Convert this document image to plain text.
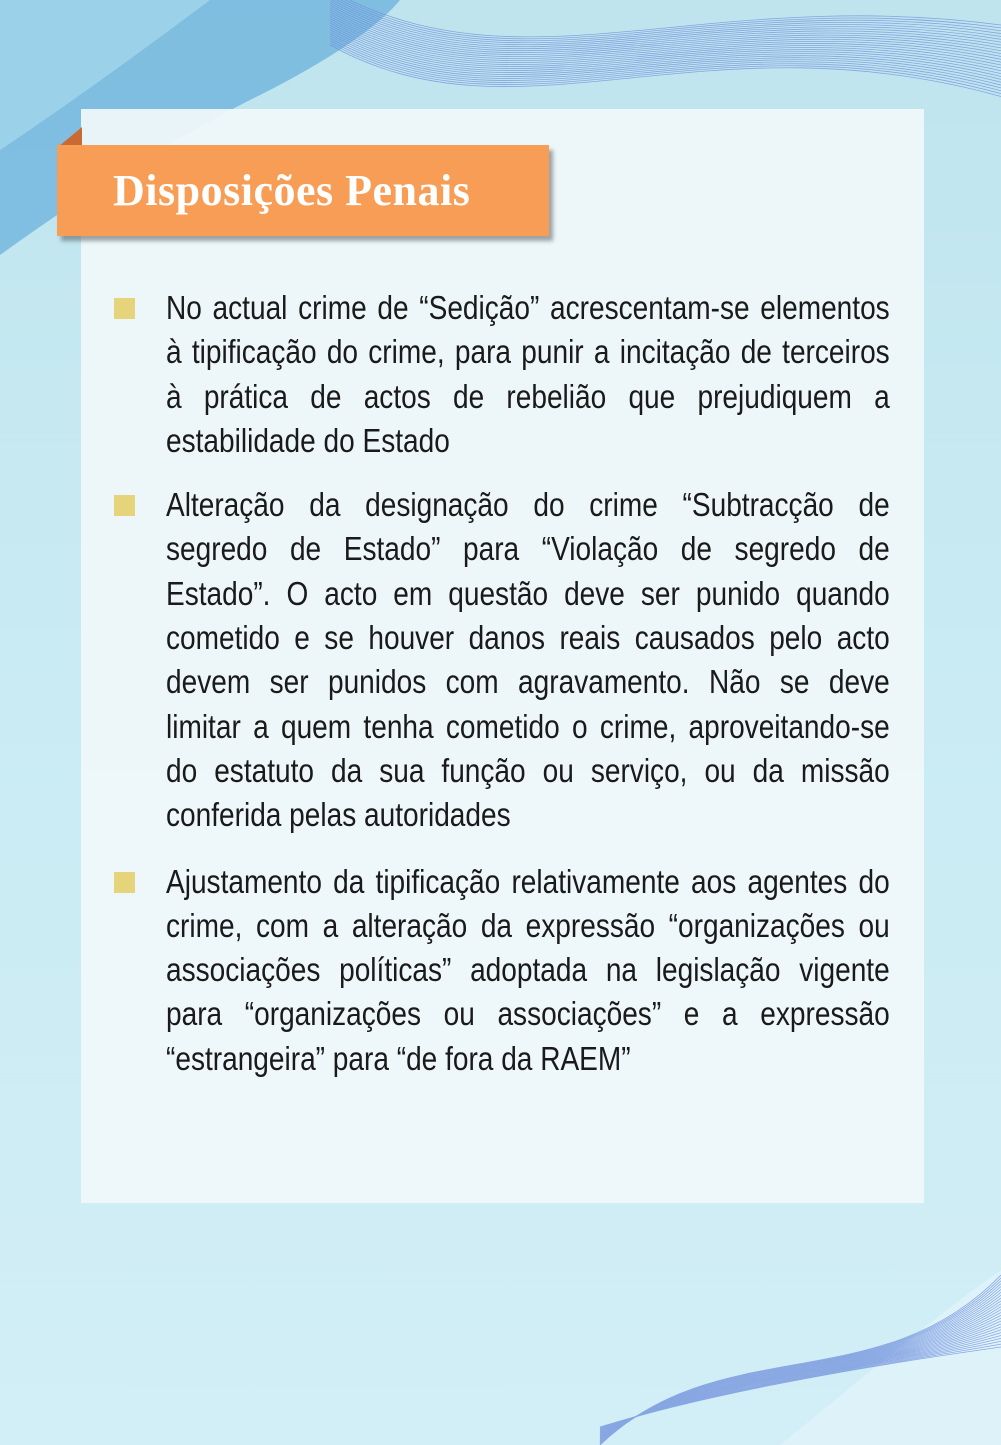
Disposições Penais
No actual crime de “Sedição” acrescentam-se elementos à tipificação do crime, para punir a incitação de terceiros à prática de actos de rebelião que prejudiquem a estabilidade do Estado
Alteração da designação do crime “Subtracção de segredo de Estado” para “Violação de segredo de Estado”. O acto em questão deve ser punido quando cometido e se houver danos reais causados pelo acto devem ser punidos com agravamento. Não se deve limitar a quem tenha cometido o crime, aproveitando-se do estatuto da sua função ou serviço, ou da missão conferida pelas autoridades
Ajustamento da tipificação relativamente aos agentes do crime, com a alteração da expressão “organizações ou associações políticas” adoptada na legislação vigente para “organizações ou associações” e a expressão “estrangeira” para “de fora da RAEM”
